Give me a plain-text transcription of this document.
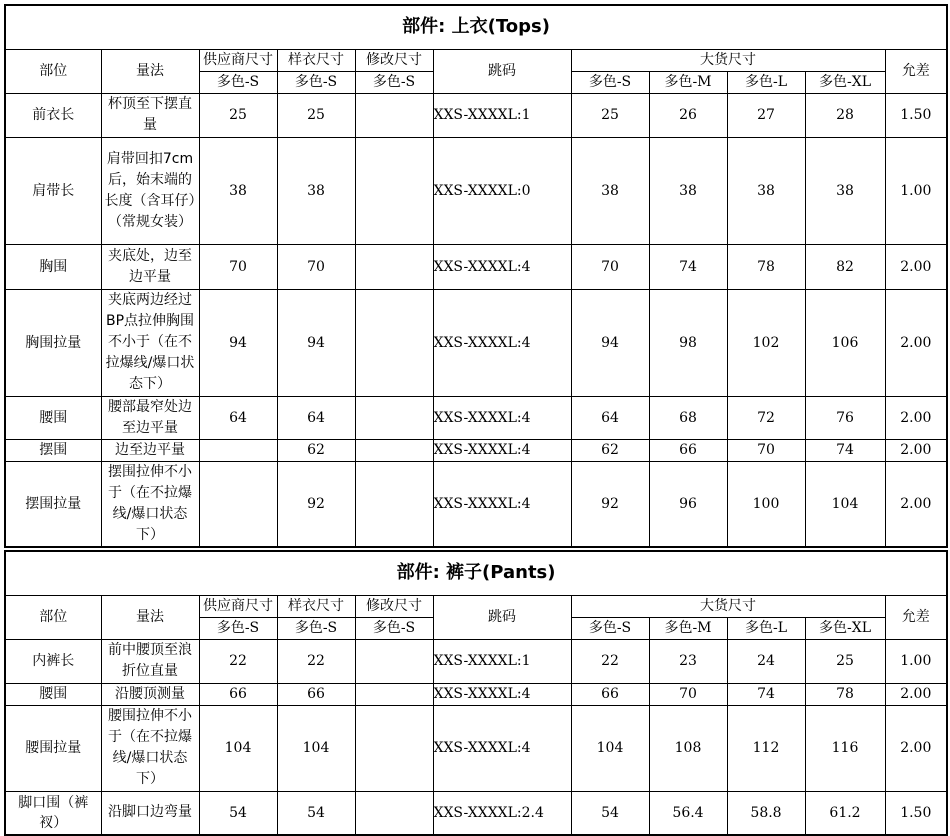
部件: 上衣(Tops)										
部位	量法	供应商尺寸	样衣尺寸	修改尺寸	跳码	大货尺寸				允差
		多色-S	多色-S	多色-S		多色-S	多色-M	多色-L	多色-XL	
前衣长	杯顶至下摆直量	25	25		XXS-XXXXL:1	25	26	27	28	1.50
肩带长	肩带回扣7cm后，始末端的长度（含耳仔）（常规女装）	38	38		XXS-XXXXL:0	38	38	38	38	1.00
胸围	夹底处，边至边平量	70	70		XXS-XXXXL:4	70	74	78	82	2.00
胸围拉量	夹底两边经过BP点拉伸胸围不小于（在不拉爆线/爆口状态下）	94	94		XXS-XXXXL:4	94	98	102	106	2.00
腰围	腰部最窄处边至边平量	64	64		XXS-XXXXL:4	64	68	72	76	2.00
摆围	边至边平量		62		XXS-XXXXL:4	62	66	70	74	2.00
摆围拉量	摆围拉伸不小于（在不拉爆线/爆口状态下）		92		XXS-XXXXL:4	92	96	100	104	2.00
部件: 裤子(Pants)										
部位	量法	供应商尺寸	样衣尺寸	修改尺寸	跳码	大货尺寸				允差
		多色-S	多色-S	多色-S		多色-S	多色-M	多色-L	多色-XL	
内裤长	前中腰顶至浪折位直量	22	22		XXS-XXXXL:1	22	23	24	25	1.00
腰围	沿腰顶测量	66	66		XXS-XXXXL:4	66	70	74	78	2.00
腰围拉量	腰围拉伸不小于（在不拉爆线/爆口状态下）	104	104		XXS-XXXXL:4	104	108	112	116	2.00
脚口围（裤衩）	沿脚口边弯量	54	54		XXS-XXXXL:2.4	54	56.4	58.8	61.2	1.50
